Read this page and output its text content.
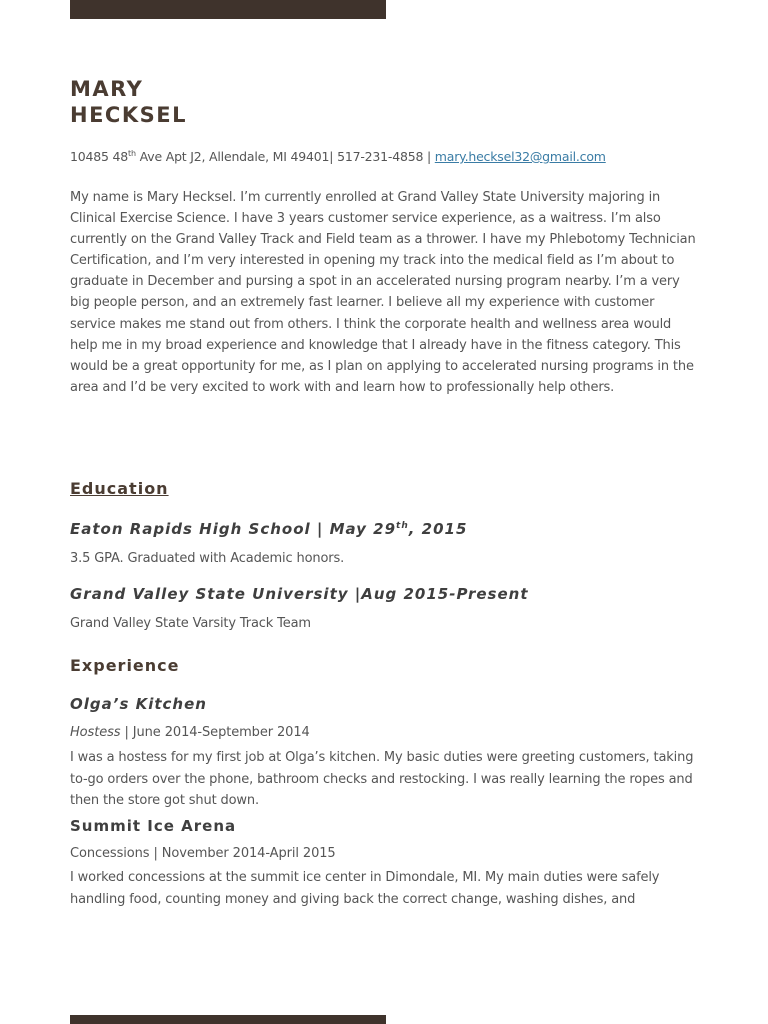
MARY
HECKSEL
10485 48th Ave Apt J2, Allendale, MI 49401| 517-231-4858 | mary.hecksel32@gmail.com
My name is Mary Hecksel. I’m currently enrolled at Grand Valley State University majoring in Clinical Exercise Science. I have 3 years customer service experience, as a waitress. I’m also currently on the Grand Valley Track and Field team as a thrower. I have my Phlebotomy Technician Certification, and I’m very interested in opening my track into the medical field as I’m about to graduate in December and pursing a spot in an accelerated nursing program nearby. I’m a very big people person, and an extremely fast learner. I believe all my experience with customer service makes me stand out from others. I think the corporate health and wellness area would help me in my broad experience and knowledge that I already have in the fitness category. This would be a great opportunity for me, as I plan on applying to accelerated nursing programs in the area and I’d be very excited to work with and learn how to professionally help others.
Education
Eaton Rapids High School | May 29th, 2015
3.5 GPA. Graduated with Academic honors.
Grand Valley State University |Aug 2015-Present
Grand Valley State Varsity Track Team
Experience
Olga’s Kitchen
Hostess | June 2014-September 2014
I was a hostess for my first job at Olga’s kitchen. My basic duties were greeting customers, taking to-go orders over the phone, bathroom checks and restocking. I was really learning the ropes and then the store got shut down.
Summit Ice Arena
Concessions | November 2014-April 2015
I worked concessions at the summit ice center in Dimondale, MI. My main duties were safely handling food, counting money and giving back the correct change, washing dishes, and
